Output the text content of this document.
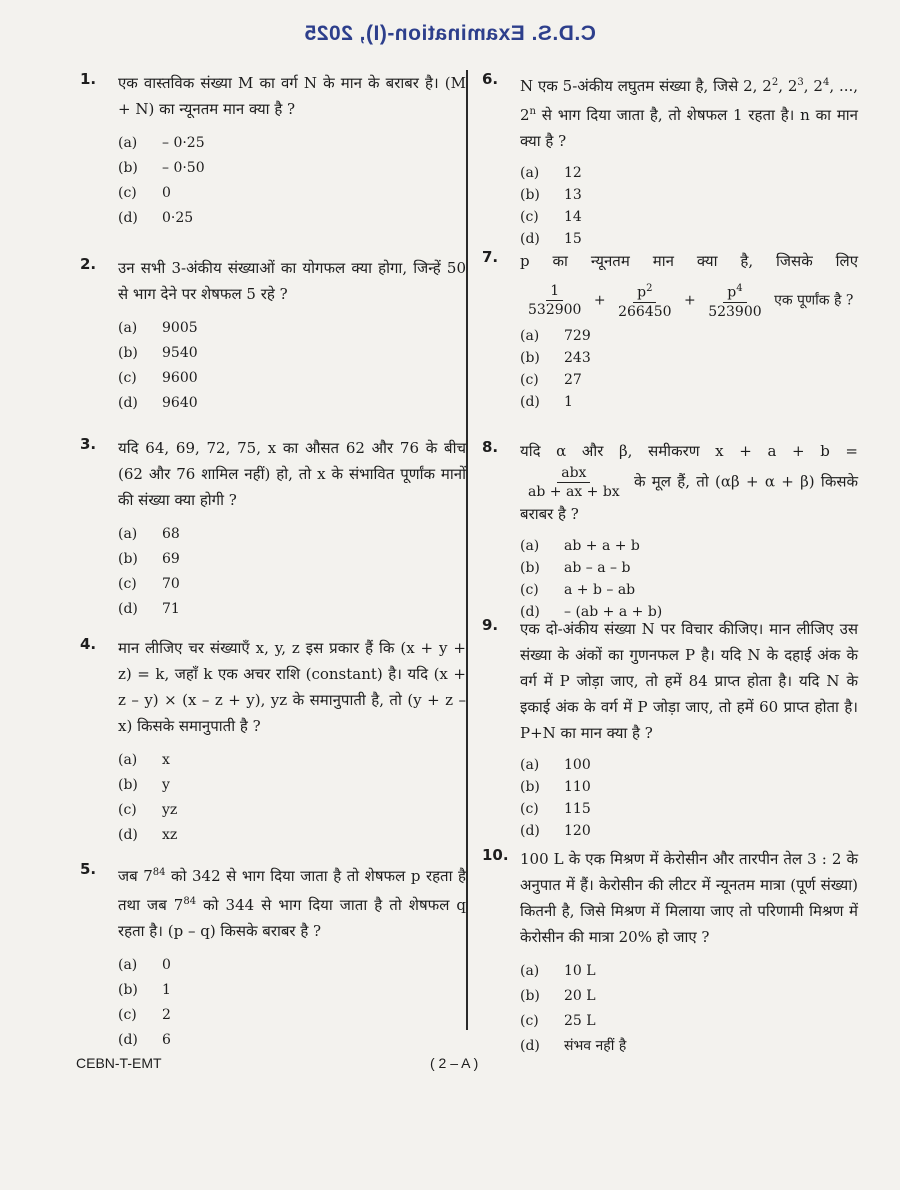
C.D.S. Examination-(I), 2025
1. एक वास्तविक संख्या M का वर्ग N के मान के बराबर है। (M + N) का न्यूनतम मान क्या है ?
(a)	– 0·25
(b)	– 0·50
(c)	0
(d)	0·25
2. उन सभी 3-अंकीय संख्याओं का योगफल क्या होगा, जिन्हें 50 से भाग देने पर शेषफल 5 रहे ?
(a)	9005
(b)	9540
(c)	9600
(d)	9640
3. यदि 64, 69, 72, 75, x का औसत 62 और 76 के बीच (62 और 76 शामिल नहीं) हो, तो x के संभावित पूर्णांक मानों की संख्या क्या होगी ?
(a)	68
(b)	69
(c)	70
(d)	71
4. मान लीजिए चर संख्याएँ x, y, z इस प्रकार हैं कि (x + y + z) = k, जहाँ k एक अचर राशि (constant) है। यदि (x + z – y) × (x – z + y), yz के समानुपाती है, तो (y + z – x) किसके समानुपाती है ?
(a)	x
(b)	y
(c)	yz
(d)	xz
5. जब $7^{84}$ को 342 से भाग दिया जाता है तो शेषफल p रहता है तथा जब $7^{84}$ को 344 से भाग दिया जाता है तो शेषफल q रहता है। (p – q) किसके बराबर है ?
(a)	0
(b)	1
(c)	2
(d)	6
6. N एक 5-अंकीय लघुतम संख्या है, जिसे 2, $2^2$, $2^3$, $2^4$, ..., 2$^n$ से भाग दिया जाता है, तो शेषफल 1 रहता है। n का मान क्या है ?
(a)	12
(b)	13
(c)	14
(d)	15
7. p का न्यूनतम मान क्या है, जिसके लिए
$\frac{1}{532900} + \frac{p^2}{266450} + \frac{p^4}{523900}$ एक पूर्णांक है ?
(a)	729
(b)	243
(c)	27
(d)	1
8. यदि α और β, समीकरण x + a + b =
$\frac{\text{abx}}{ab + ax + bx}$ के मूल हैं, तो (αβ + α + β) किसके बराबर है ?
(a)	ab + a + b
(b)	ab – a – b
(c)	a + b – ab
(d)	– (ab + a + b)
9. एक दो-अंकीय संख्या N पर विचार कीजिए। मान लीजिए उस संख्या के अंकों का गुणनफल P है। यदि N के दहाई अंक के वर्ग में P जोड़ा जाए, तो हमें 84 प्राप्त होता है। यदि N के इकाई अंक के वर्ग में P जोड़ा जाए, तो हमें 60 प्राप्त होता है। P+N का मान क्या है ?
(a)	100
(b)	110
(c)	115
(d)	120
10. 100 L के एक मिश्रण में केरोसीन और तारपीन तेल 3 : 2 के अनुपात में हैं। केरोसीन की लीटर में न्यूनतम मात्रा (पूर्ण संख्या) कितनी है, जिसे मिश्रण में मिलाया जाए तो परिणामी मिश्रण में केरोसीन की मात्रा 20% हो जाए ?
(a)	10 L
(b)	20 L
(c)	25 L
(d)	संभव नहीं है
CEBN-T-EMT	( 2 – A )
